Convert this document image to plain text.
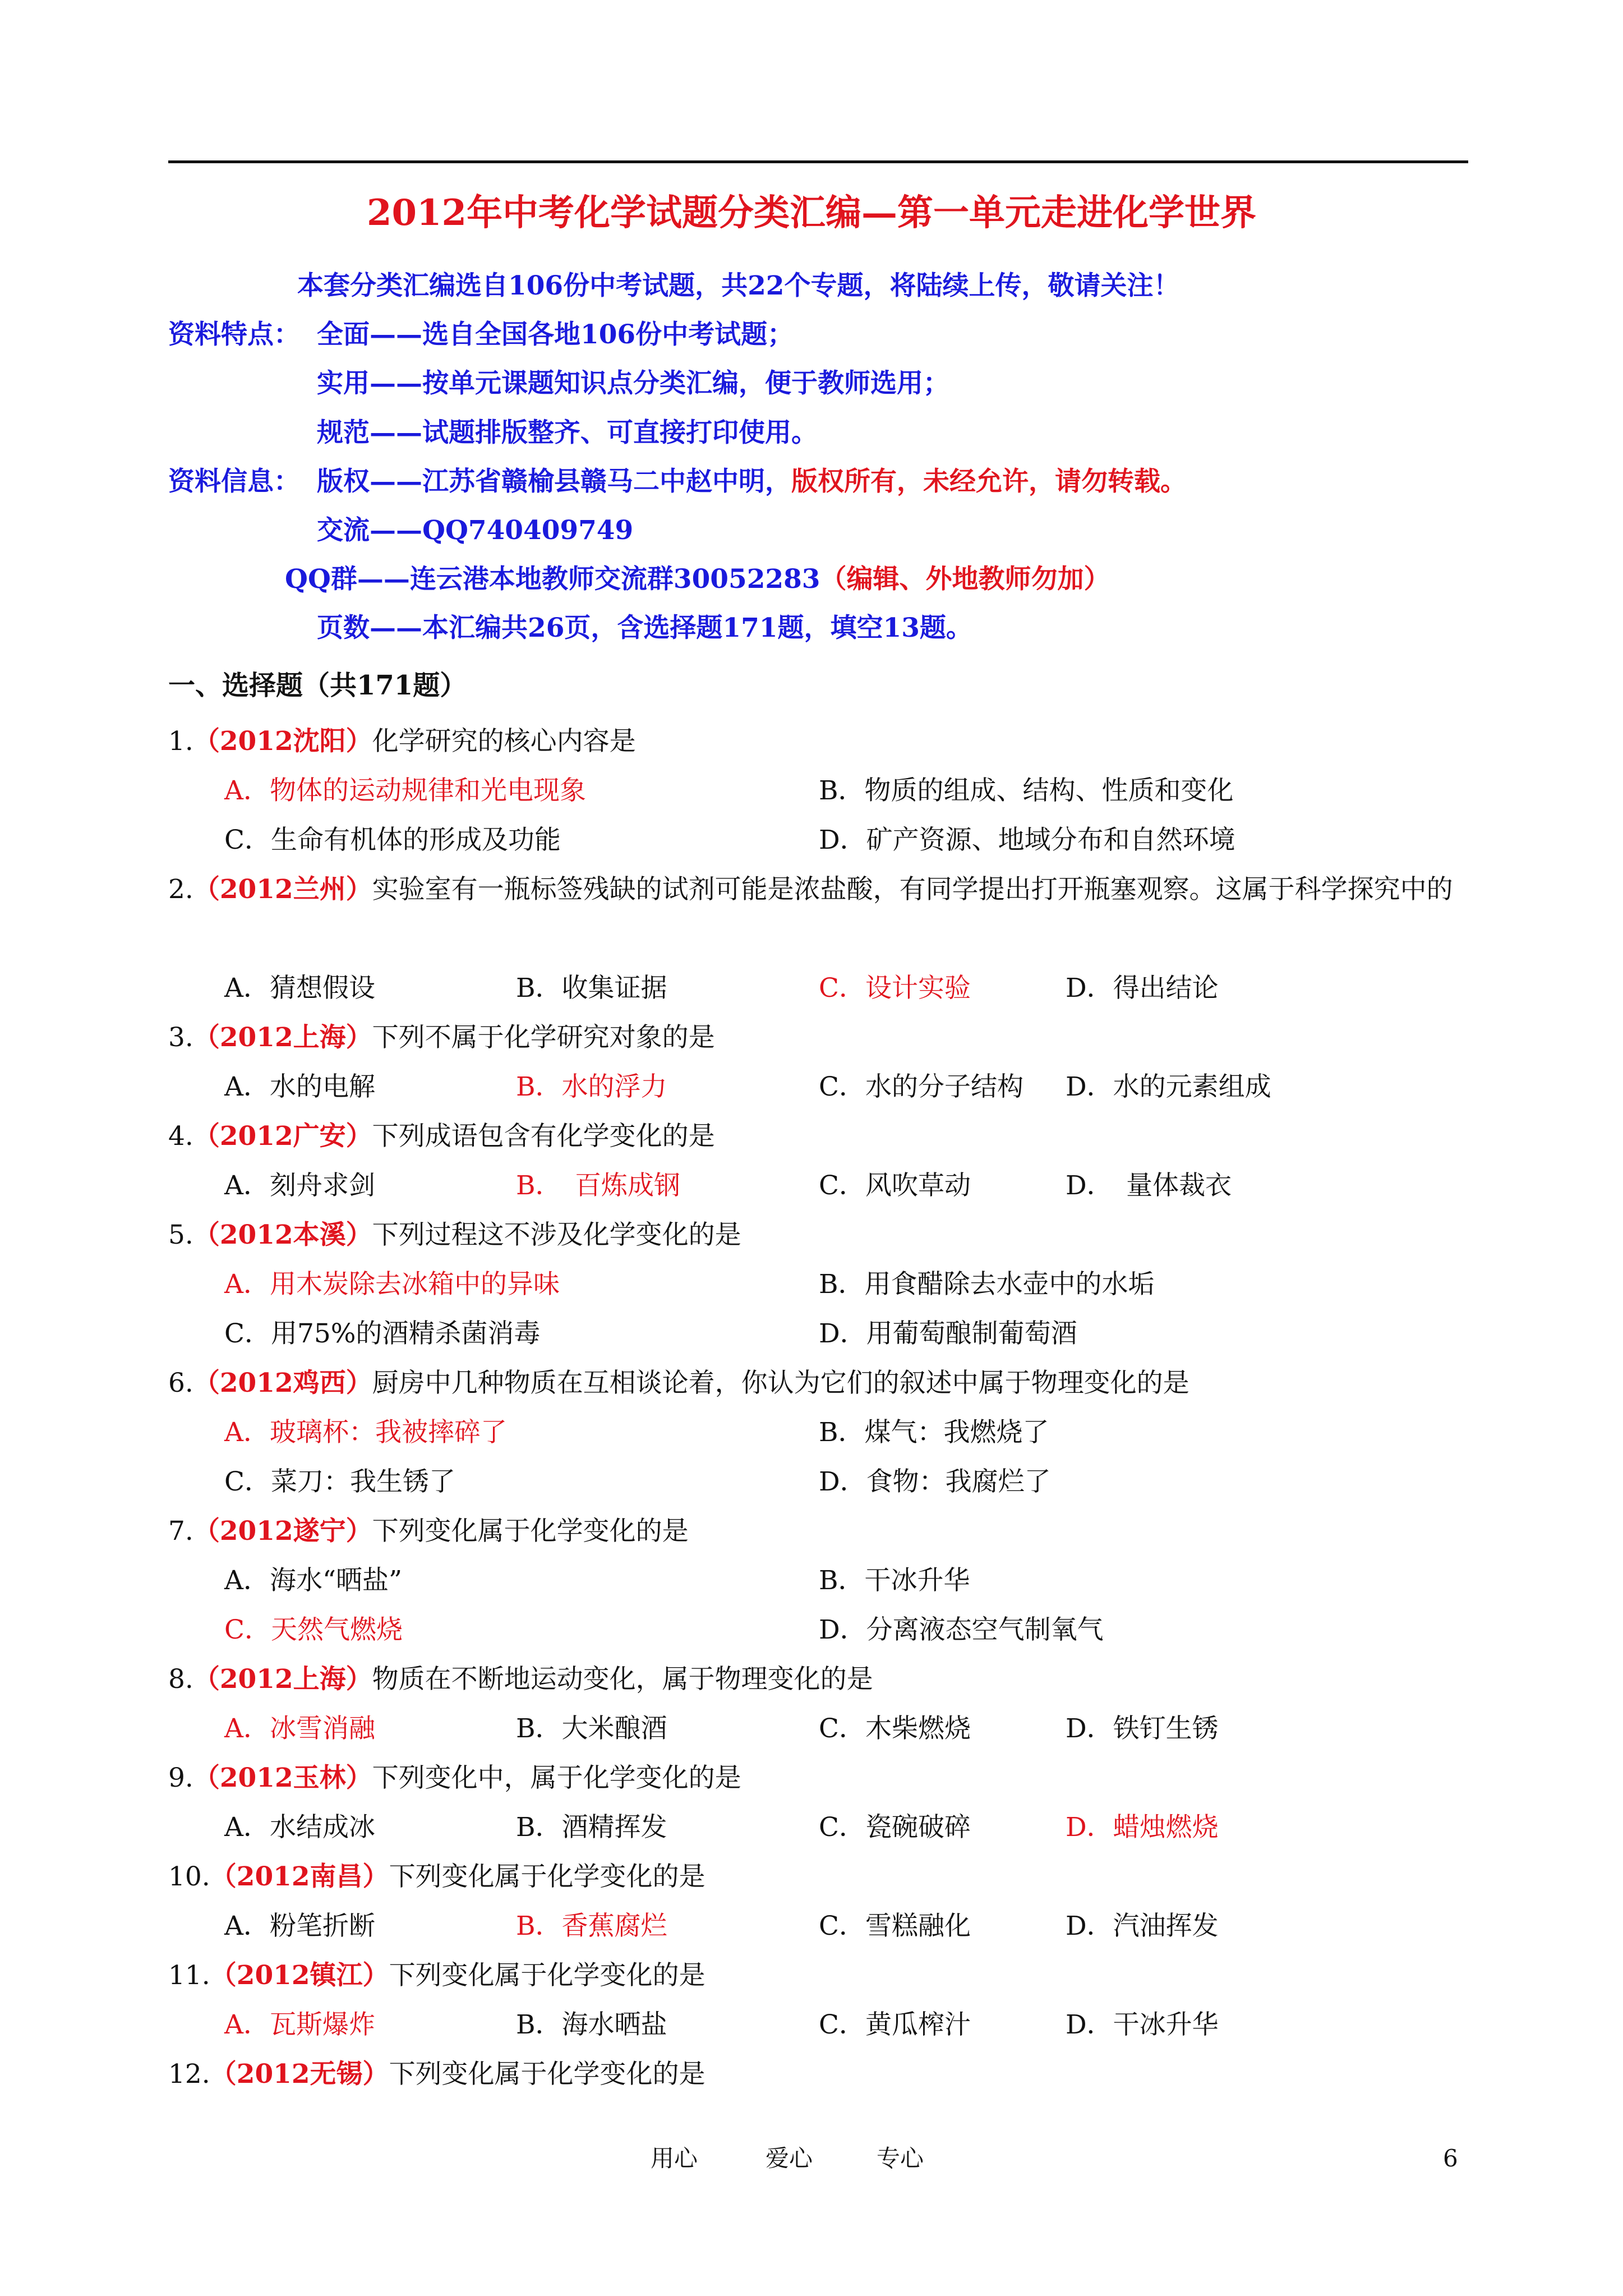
2012年中考化学试题分类汇编—第一单元走进化学世界
本套分类汇编选自106份中考试题，共22个专题，将陆续上传，敬请关注！
资料特点： 全面——选自全国各地106份中考试题；
实用——按单元课题知识点分类汇编，便于教师选用；
规范——试题排版整齐、可直接打印使用。
资料信息： 版权——江苏省赣榆县赣马二中赵中明，版权所有，未经允许，请勿转载。
交流——QQ740409749
QQ群——连云港本地教师交流群30052283（编辑、外地教师勿加）
页数——本汇编共26页，含选择题171题，填空13题。
一、选择题（共171题）
1.（2012沈阳）化学研究的核心内容是
A．物体的运动规律和光电现象	B．物质的组成、结构、性质和变化
C．生命有机体的形成及功能	D．矿产资源、地域分布和自然环境
2.（2012兰州）实验室有一瓶标签残缺的试剂可能是浓盐酸，有同学提出打开瓶塞观察。这属于科学探究中的
A．猜想假设	B．收集证据	C．设计实验	D．得出结论
3.（2012上海）下列不属于化学研究对象的是
A．水的电解	B．水的浮力	C．水的分子结构 D．水的元素组成
4.（2012广安）下列成语包含有化学变化的是
A．刻舟求剑	B．　百炼成钢	C．风吹草动	D．　量体裁衣
5.（2012本溪）下列过程这不涉及化学变化的是
A．用木炭除去冰箱中的异味	B．用食醋除去水壶中的水垢
C．用75%的酒精杀菌消毒	D．用葡萄酿制葡萄酒
6.（2012鸡西）厨房中几种物质在互相谈论着，你认为它们的叙述中属于物理变化的是
A．玻璃杯：我被摔碎了	B．煤气：我燃烧了
C．菜刀：我生锈了	D．食物：我腐烂了
7.（2012遂宁）下列变化属于化学变化的是
A．海水“晒盐”	B．干冰升华
C．天然气燃烧	D．分离液态空气制氧气
8.（2012上海）物质在不断地运动变化，属于物理变化的是
A．冰雪消融	B．大米酿酒	C．木柴燃烧	D．铁钉生锈
9.（2012玉林）下列变化中，属于化学变化的是
A．水结成冰	B．酒精挥发	C．瓷碗破碎	D．蜡烛燃烧
10.（2012南昌）下列变化属于化学变化的是
A．粉笔折断	B．香蕉腐烂	C．雪糕融化	D．汽油挥发
11.（2012镇江）下列变化属于化学变化的是
A．瓦斯爆炸	B．海水晒盐	C．黄瓜榨汁	D．干冰升华
12.（2012无锡）下列变化属于化学变化的是
用心	爱心	专心	6
